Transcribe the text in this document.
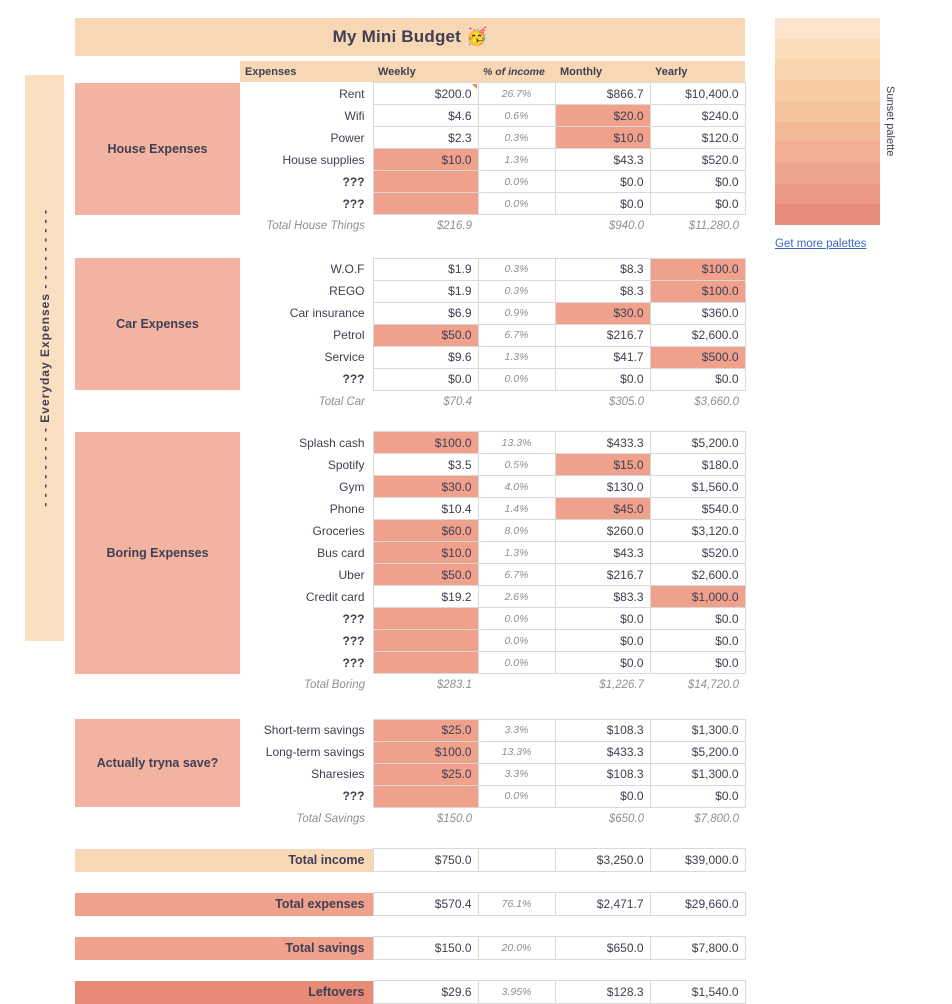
My Mini Budget 🥳
	Expenses	Weekly	% of income	Monthly	Yearly
House Expenses	Rent	$200.0	26.7%	$866.7	$10,400.0
	Wifi	$4.6	0.6%	$20.0	$240.0
	Power	$2.3	0.3%	$10.0	$120.0
	House supplies	$10.0	1.3%	$43.3	$520.0
	???		0.0%	$0.0	$0.0
	???		0.0%	$0.0	$0.0
	Total House Things	$216.9		$940.0	$11,280.0
Car Expenses	W.O.F	$1.9	0.3%	$8.3	$100.0
	REGO	$1.9	0.3%	$8.3	$100.0
	Car insurance	$6.9	0.9%	$30.0	$360.0
	Petrol	$50.0	6.7%	$216.7	$2,600.0
	Service	$9.6	1.3%	$41.7	$500.0
	???	$0.0	0.0%	$0.0	$0.0
	Total Car	$70.4		$305.0	$3,660.0
Boring Expenses	Splash cash	$100.0	13.3%	$433.3	$5,200.0
	Spotify	$3.5	0.5%	$15.0	$180.0
	Gym	$30.0	4.0%	$130.0	$1,560.0
	Phone	$10.4	1.4%	$45.0	$540.0
	Groceries	$60.0	8.0%	$260.0	$3,120.0
	Bus card	$10.0	1.3%	$43.3	$520.0
	Uber	$50.0	6.7%	$216.7	$2,600.0
	Credit card	$19.2	2.6%	$83.3	$1,000.0
	???		0.0%	$0.0	$0.0
	???		0.0%	$0.0	$0.0
	???		0.0%	$0.0	$0.0
	Total Boring	$283.1		$1,226.7	$14,720.0
Actually tryna save?	Short-term savings	$25.0	3.3%	$108.3	$1,300.0
	Long-term savings	$100.0	13.3%	$433.3	$5,200.0
	Sharesies	$25.0	3.3%	$108.3	$1,300.0
	???		0.0%	$0.0	$0.0
	Total Savings	$150.0		$650.0	$7,800.0
Total income	$750.0		$3,250.0	$39,000.0
Total expenses	$570.4	76.1%	$2,471.7	$29,660.0
Total savings	$150.0	20.0%	$650.0	$7,800.0
Leftovers	$29.6	3.95%	$128.3	$1,540.0
- - - - - - - - - Everyday Expenses - - - - - - - - -
Sunset palette
Get more palettes
